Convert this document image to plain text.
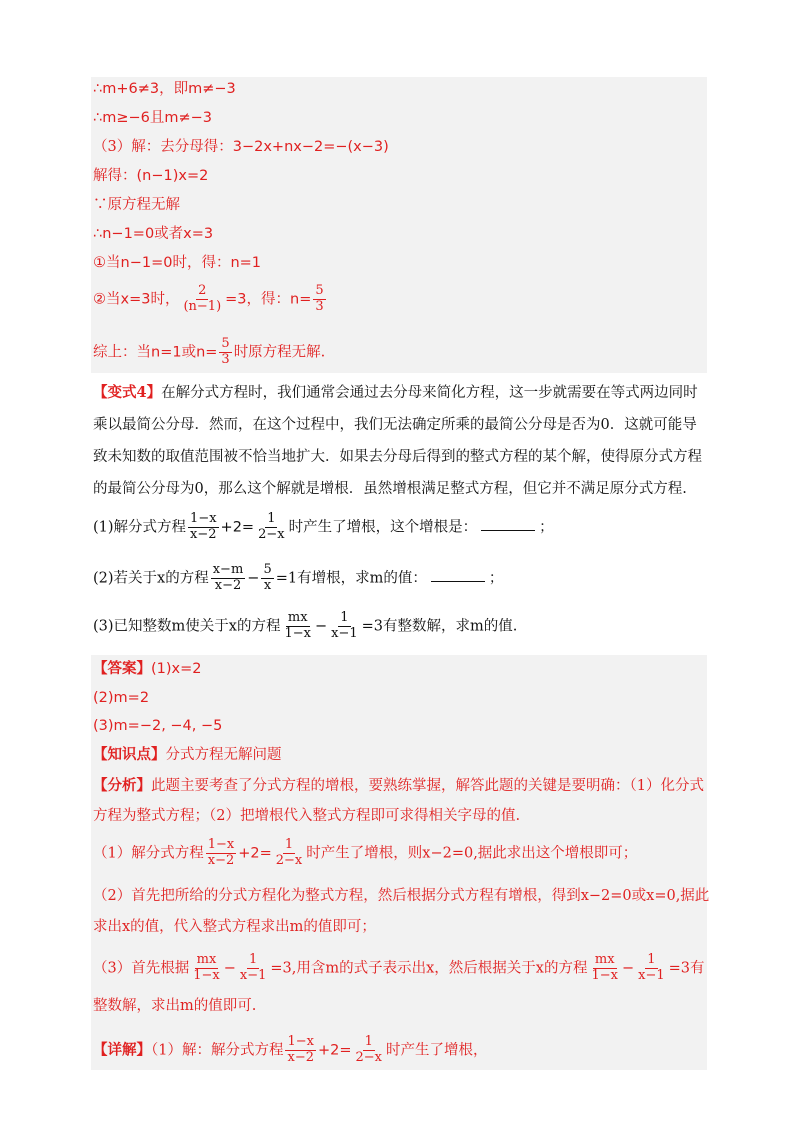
∴m+6≠3，即m≠−3
∴m≥−6且m≠−3
（3）解：去分母得：3−2x+nx−2=−(x−3)
解得：(n−1)x=2
∵原方程无解
∴n−1=0或者x=3
①当n−1=0时，得：n=1
②当x=3时， $\frac{2}{(n-1)} =3$，得：$n= \frac{5}{3}$
综上：当n=1或$n= \frac{5}{3}$ 时原方程无解.
【变式4】在解分式方程时，我们通常会通过去分母来简化方程，这一步就需要在等式两边同时乘以最简公分母．然而，在这个过程中，我们无法确定所乘的最简公分母是否为0．这就可能导致未知数的取值范围被不恰当地扩大．如果去分母后得到的整式方程的某个解，使得原分式方程的最简公分母为0，那么这个解就是增根．虽然增根满足整式方程，但它并不满足原分式方程.
(1)解分式方程 $\frac{1-x}{x-2} +2= \frac{1}{2-x}$ 时产生了增根，这个增根是：	；
(2)若关于x的方程 $\frac{x-m}{x-2} - \frac{5}{x} =1$有增根，求m的值：	；
(3)已知整数m使关于x的方程 $\frac{mx}{1-x} - \frac{1}{x-1} =3$有整数解，求m的值.
【答案】(1)x=2
(2)m=2
(3)m=−2, −4, −5
【知识点】分式方程无解问题
【分析】此题主要考查了分式方程的增根，要熟练掌握，解答此题的关键是要明确：（1）化分式方程为整式方程；（2）把增根代入整式方程即可求得相关字母的值.
（1）解分式方程 $\frac{1-x}{x-2} +2= \frac{1}{2-x}$ 时产生了增根，则x−2=0,据此求出这个增根即可；
（2）首先把所给的分式方程化为整式方程，然后根据分式方程有增根，得到x−2=0或x=0,据此
求出x的值，代入整式方程求出m的值即可；
（3）首先根据 $\frac{mx}{1-x} - \frac{1}{x-1} =3$,用含m的式子表示出x，然后根据关于x的方程 $\frac{mx}{1-x} - \frac{1}{x-1} =3$有
整数解，求出m的值即可.
【详解】（1）解：解分式方程 $\frac{1-x}{x-2} +2= \frac{1}{2-x}$ 时产生了增根，
